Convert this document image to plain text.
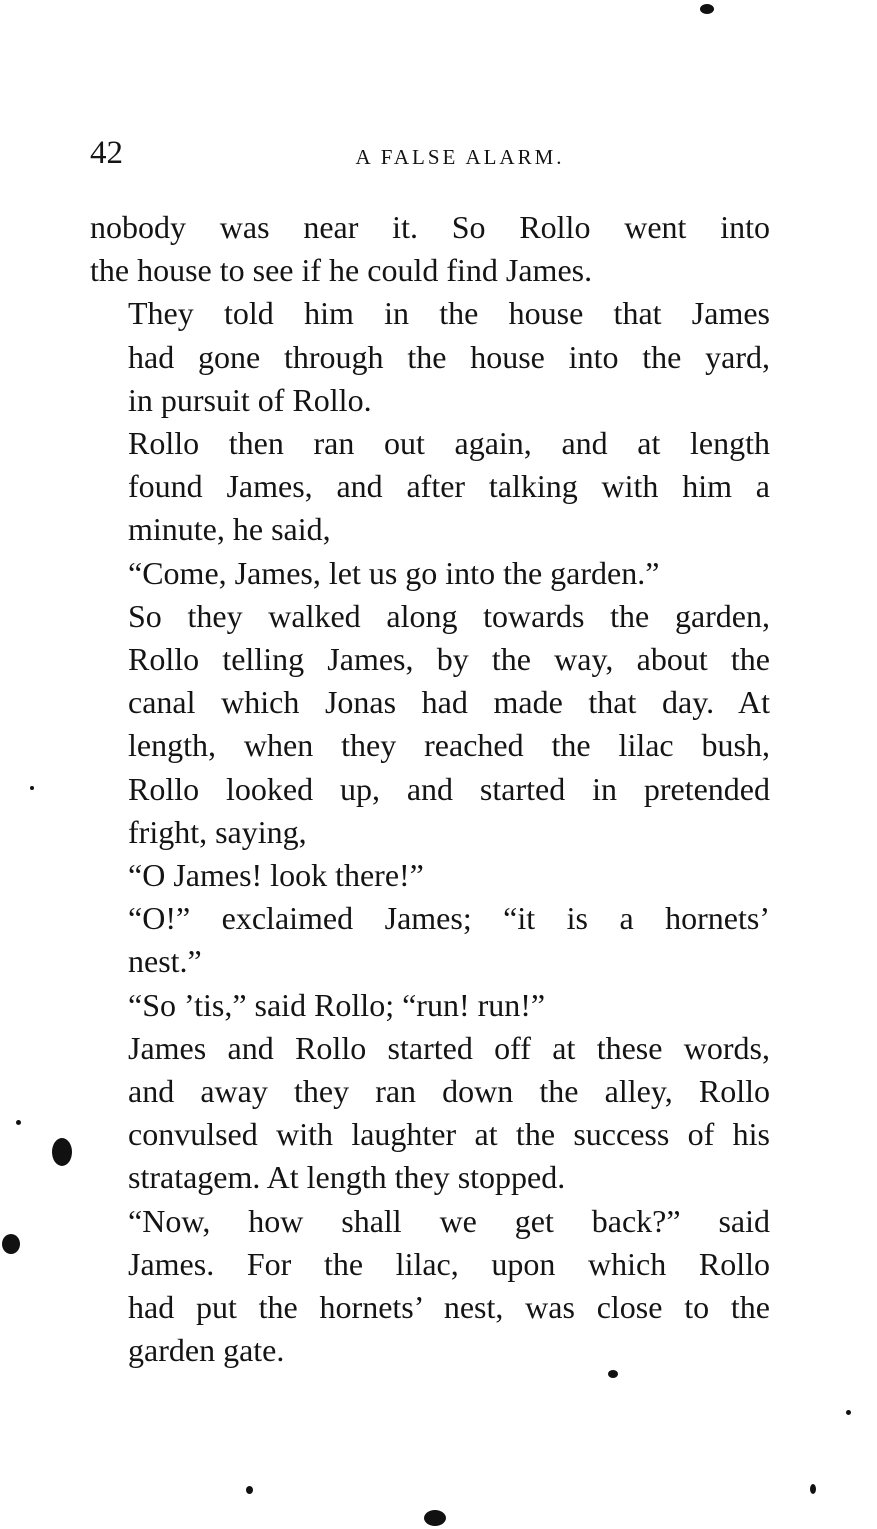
42	A FALSE ALARM.

nobody was near it. So Rollo went into
the house to see if he could find James.

They told him in the house that James
had gone through the house into the yard,
in pursuit of Rollo.

Rollo then ran out again, and at length
found James, and after talking with him a
minute, he said,

“Come, James, let us go into the garden.”

So they walked along towards the garden,
Rollo telling James, by the way, about the
canal which Jonas had made that day. At
length, when they reached the lilac bush,
Rollo looked up, and started in pretended
fright, saying,

“O James! look there!”

“O!” exclaimed James; “it is a hornets’
nest.”

“So ’tis,” said Rollo; “run! run!”

James and Rollo started off at these words,
and away they ran down the alley, Rollo
convulsed with laughter at the success of his
stratagem. At length they stopped.

“Now, how shall we get back?” said
James. For the lilac, upon which Rollo
had put the hornets’ nest, was close to the
garden gate.
